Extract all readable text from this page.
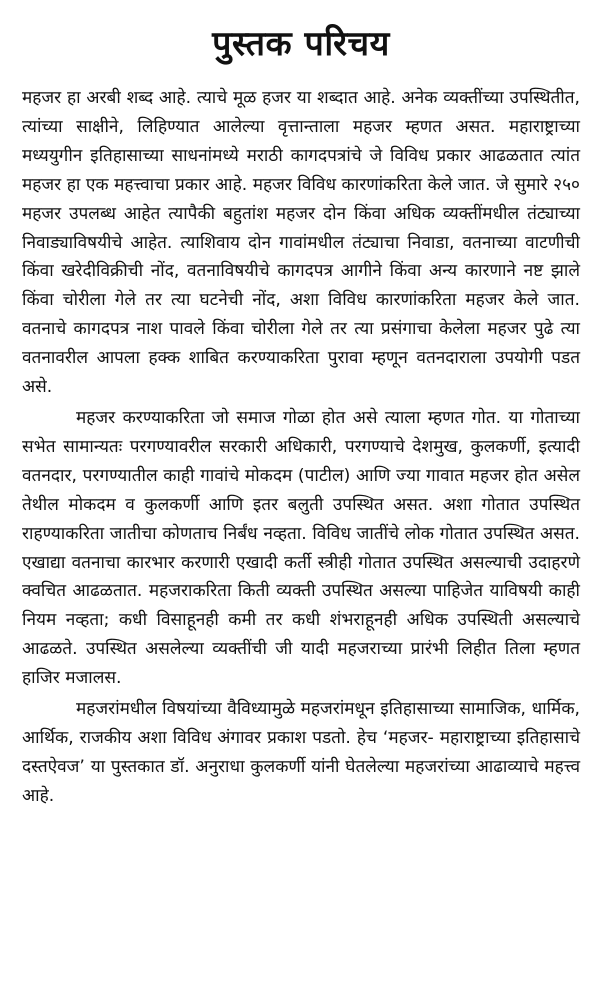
पुस्तक परिचय

महजर हा अरबी शब्द आहे. त्याचे मूळ हजर या शब्दात आहे. अनेक व्यक्तींच्या उपस्थितीत, त्यांच्या साक्षीने, लिहिण्यात आलेल्या वृत्तान्ताला महजर म्हणत असत. महाराष्ट्राच्या मध्ययुगीन इतिहासाच्या साधनांमध्ये मराठी कागदपत्रांचे जे विविध प्रकार आढळतात त्यांत महजर हा एक महत्त्वाचा प्रकार आहे. महजर विविध कारणांकरिता केले जात. जे सुमारे २५० महजर उपलब्ध आहेत त्यापैकी बहुतांश महजर दोन किंवा अधिक व्यक्तींमधील तंट्याच्या निवाड्याविषयीचे आहेत. त्याशिवाय दोन गावांमधील तंट्याचा निवाडा, वतनाच्या वाटणीची किंवा खरेदीविक्रीची नोंद, वतनाविषयीचे कागदपत्र आगीने किंवा अन्य कारणाने नष्ट झाले किंवा चोरीला गेले तर त्या घटनेची नोंद, अशा विविध कारणांकरिता महजर केले जात. वतनाचे कागदपत्र नाश पावले किंवा चोरीला गेले तर त्या प्रसंगाचा केलेला महजर पुढे त्या वतनावरील आपला हक्क शाबित करण्याकरिता पुरावा म्हणून वतनदाराला उपयोगी पडत असे.

महजर करण्याकरिता जो समाज गोळा होत असे त्याला म्हणत गोत. या गोताच्या सभेत सामान्यतः परगण्यावरील सरकारी अधिकारी, परगण्याचे देशमुख, कुलकर्णी, इत्यादी वतनदार, परगण्यातील काही गावांचे मोकदम (पाटील) आणि ज्या गावात महजर होत असेल तेथील मोकदम व कुलकर्णी आणि इतर बलुती उपस्थित असत. अशा गोतात उपस्थित राहण्याकरिता जातीचा कोणताच निर्बंध नव्हता. विविध जातींचे लोक गोतात उपस्थित असत. एखाद्या वतनाचा कारभार करणारी एखादी कर्ती स्त्रीही गोतात उपस्थित असल्याची उदाहरणे क्वचित आढळतात. महजराकरिता किती व्यक्ती उपस्थित असल्या पाहिजेत याविषयी काही नियम नव्हता; कधी विसाहूनही कमी तर कधी शंभराहूनही अधिक उपस्थिती असल्याचे आढळते. उपस्थित असलेल्या व्यक्तींची जी यादी महजराच्या प्रारंभी लिहीत तिला म्हणत हाजिर मजालस.

महजरांमधील विषयांच्या वैविध्यामुळे महजरांमधून इतिहासाच्या सामाजिक, धार्मिक, आर्थिक, राजकीय अशा विविध अंगावर प्रकाश पडतो. हेच ‘महजर- महाराष्ट्राच्या इतिहासाचे दस्तऐवज’ या पुस्तकात डॉ. अनुराधा कुलकर्णी यांनी घेतलेल्या महजरांच्या आढाव्याचे महत्त्व आहे.
